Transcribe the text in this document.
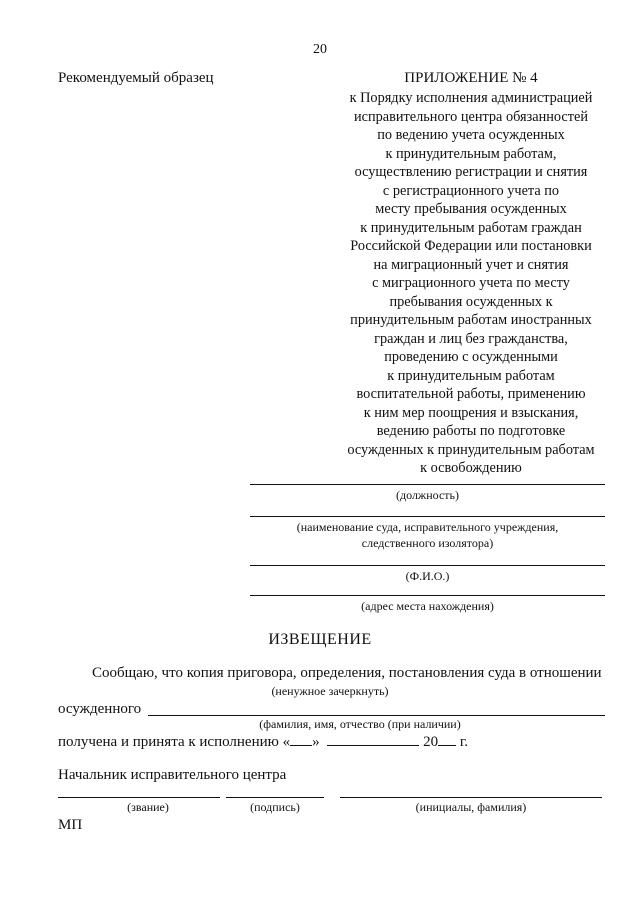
20
Рекомендуемый образец	ПРИЛОЖЕНИЕ № 4
к Порядку исполнения администрацией
исправительного центра обязанностей
по ведению учета осужденных
к принудительным работам,
осуществлению регистрации и снятия
с регистрационного учета по
месту пребывания осужденных
к принудительным работам граждан
Российской Федерации или постановки
на миграционный учет и снятия
с миграционного учета по месту
пребывания осужденных к
принудительным работам иностранных
граждан и лиц без гражданства,
проведению с осужденными
к принудительным работам
воспитательной работы, применению
к ним мер поощрения и взыскания,
ведению работы по подготовке
осужденных к принудительным работам
к освобождению
(должность)
(наименование суда, исправительного учреждения,
следственного изолятора)
(Ф.И.О.)
(адрес места нахождения)
ИЗВЕЩЕНИЕ
Сообщаю, что копия приговора, определения, постановления суда в отношении
(ненужное зачеркнуть)
осужденного
(фамилия, имя, отчество (при наличии)
получена и принята к исполнению « »	20 г.
Начальник исправительного центра
(звание)	(подпись)	(инициалы, фамилия)
МП
